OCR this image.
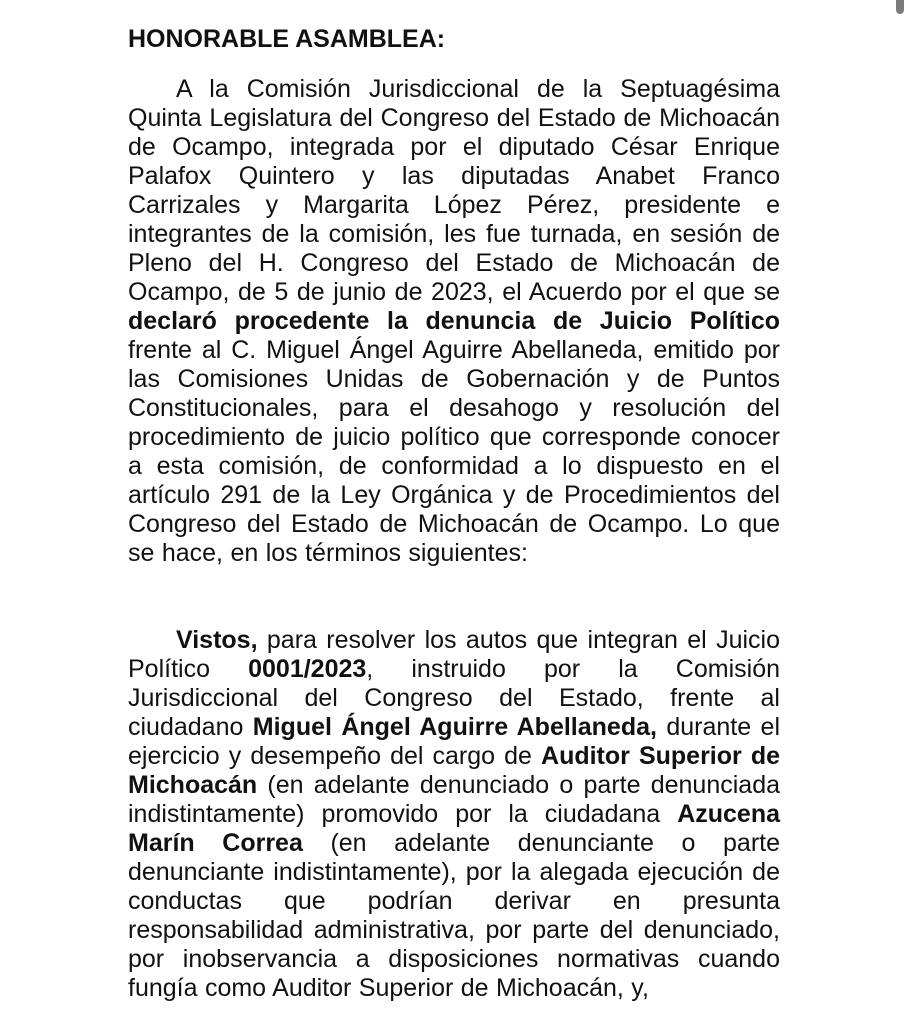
HONORABLE ASAMBLEA:

A la Comisión Jurisdiccional de la Septuagésima Quinta Legislatura del Congreso del Estado de Michoacán de Ocampo, integrada por el diputado César Enrique Palafox Quintero y las diputadas Anabet Franco Carrizales y Margarita López Pérez, presidente e integrantes de la comisión, les fue turnada, en sesión de Pleno del H. Congreso del Estado de Michoacán de Ocampo, de 5 de junio de 2023, el Acuerdo por el que se declaró procedente la denuncia de Juicio Político frente al C. Miguel Ángel Aguirre Abellaneda, emitido por las Comisiones Unidas de Gobernación y de Puntos Constitucionales, para el desahogo y resolución del procedimiento de juicio político que corresponde conocer a esta comisión, de conformidad a lo dispuesto en el artículo 291 de la Ley Orgánica y de Procedimientos del Congreso del Estado de Michoacán de Ocampo. Lo que se hace, en los términos siguientes:

Vistos, para resolver los autos que integran el Juicio Político 0001/2023, instruido por la Comisión Jurisdiccional del Congreso del Estado, frente al ciudadano Miguel Ángel Aguirre Abellaneda, durante el ejercicio y desempeño del cargo de Auditor Superior de Michoacán (en adelante denunciado o parte denunciada indistintamente) promovido por la ciudadana Azucena Marín Correa (en adelante denunciante o parte denunciante indistintamente), por la alegada ejecución de conductas que podrían derivar en presunta responsabilidad administrativa, por parte del denunciado, por inobservancia a disposiciones normativas cuando fungía como Auditor Superior de Michoacán, y,
